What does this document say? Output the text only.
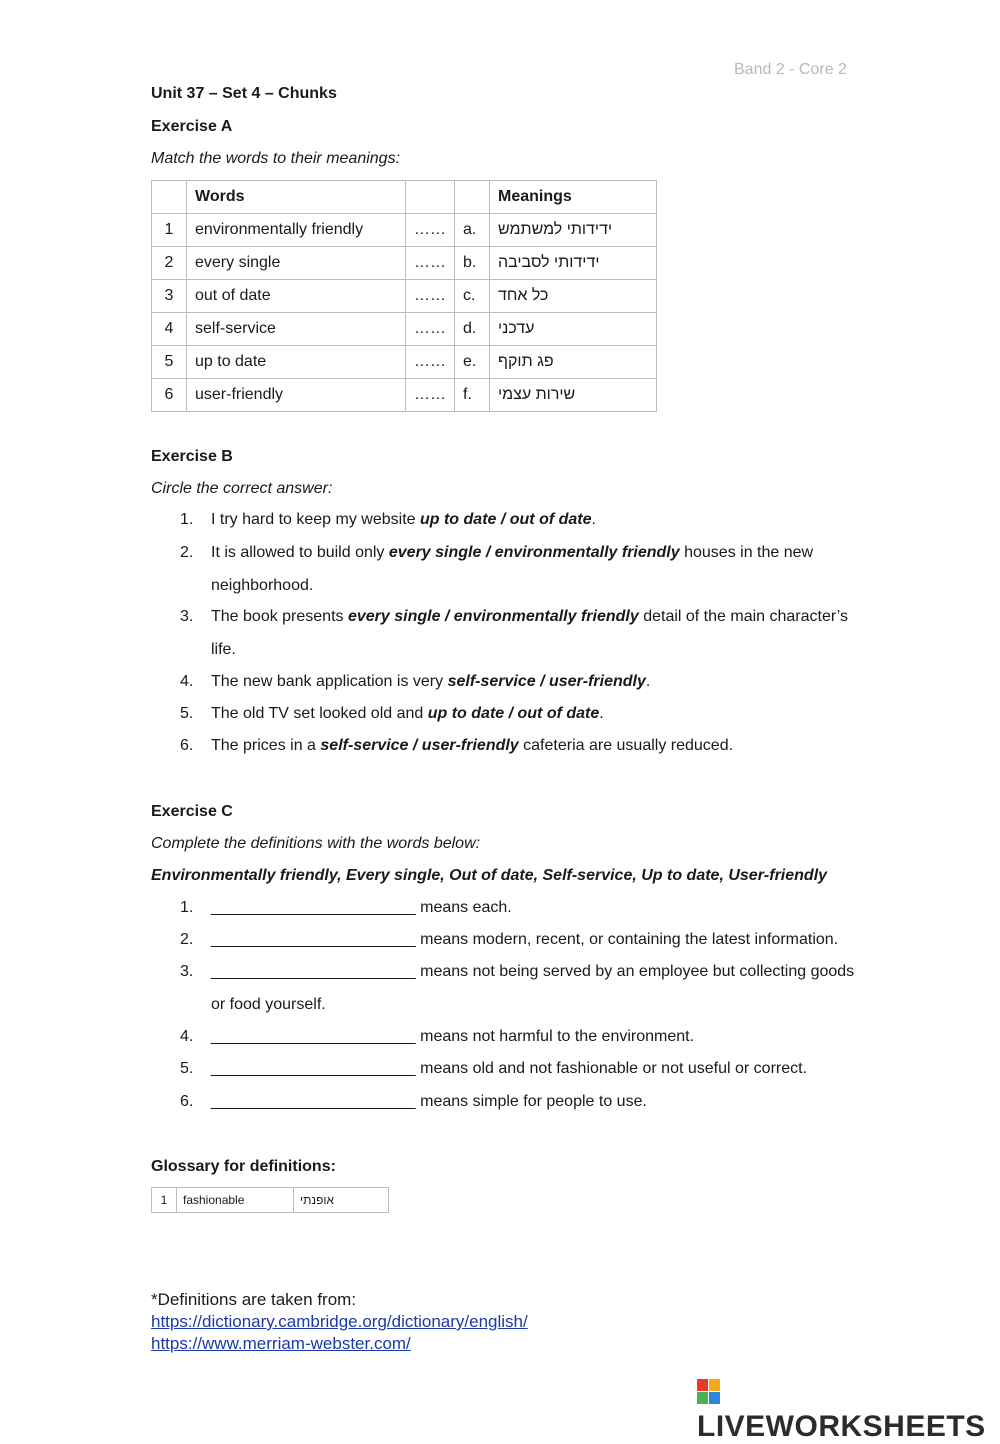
Band 2 - Core 2
Unit 37 – Set 4 – Chunks
Exercise A
Match the words to their meanings:
	Words			Meanings
1	environmentally friendly	……	a.	ידידותי למשתמש

2	every single	……	b.	ידידותי לסביבה

3	out of date	……	c.	כל אחד

4	self-service	……	d.	עדכני

5	up to date	……	e.	פג תוקף

6	user-friendly	……	f.	שירות עצמי
Exercise B
Circle the correct answer:
1.	I try hard to keep my website up to date / out of date.
2.	It is allowed to build only every single / environmentally friendly houses in the new neighborhood.
3.	The book presents every single / environmentally friendly detail of the main character’s life.
4.	The new bank application is very self-service / user-friendly.
5.	The old TV set looked old and up to date / out of date.
6.	The prices in a self-service / user-friendly cafeteria are usually reduced.
Exercise C
Complete the definitions with the words below:
Environmentally friendly, Every single, Out of date, Self-service, Up to date, User-friendly
1.	_______________________ means each.
2.	_______________________ means modern, recent, or containing the latest information.
3.	_______________________ means not being served by an employee but collecting goods or food yourself.
4.	_______________________ means not harmful to the environment.
5.	_______________________ means old and not fashionable or not useful or correct.
6.	_______________________ means simple for people to use.
Glossary for definitions:
1	fashionable	אופנתי
*Definitions are taken from:
https://dictionary.cambridge.org/dictionary/english/
https://www.merriam-webster.com/
LIVEWORKSHEETS
